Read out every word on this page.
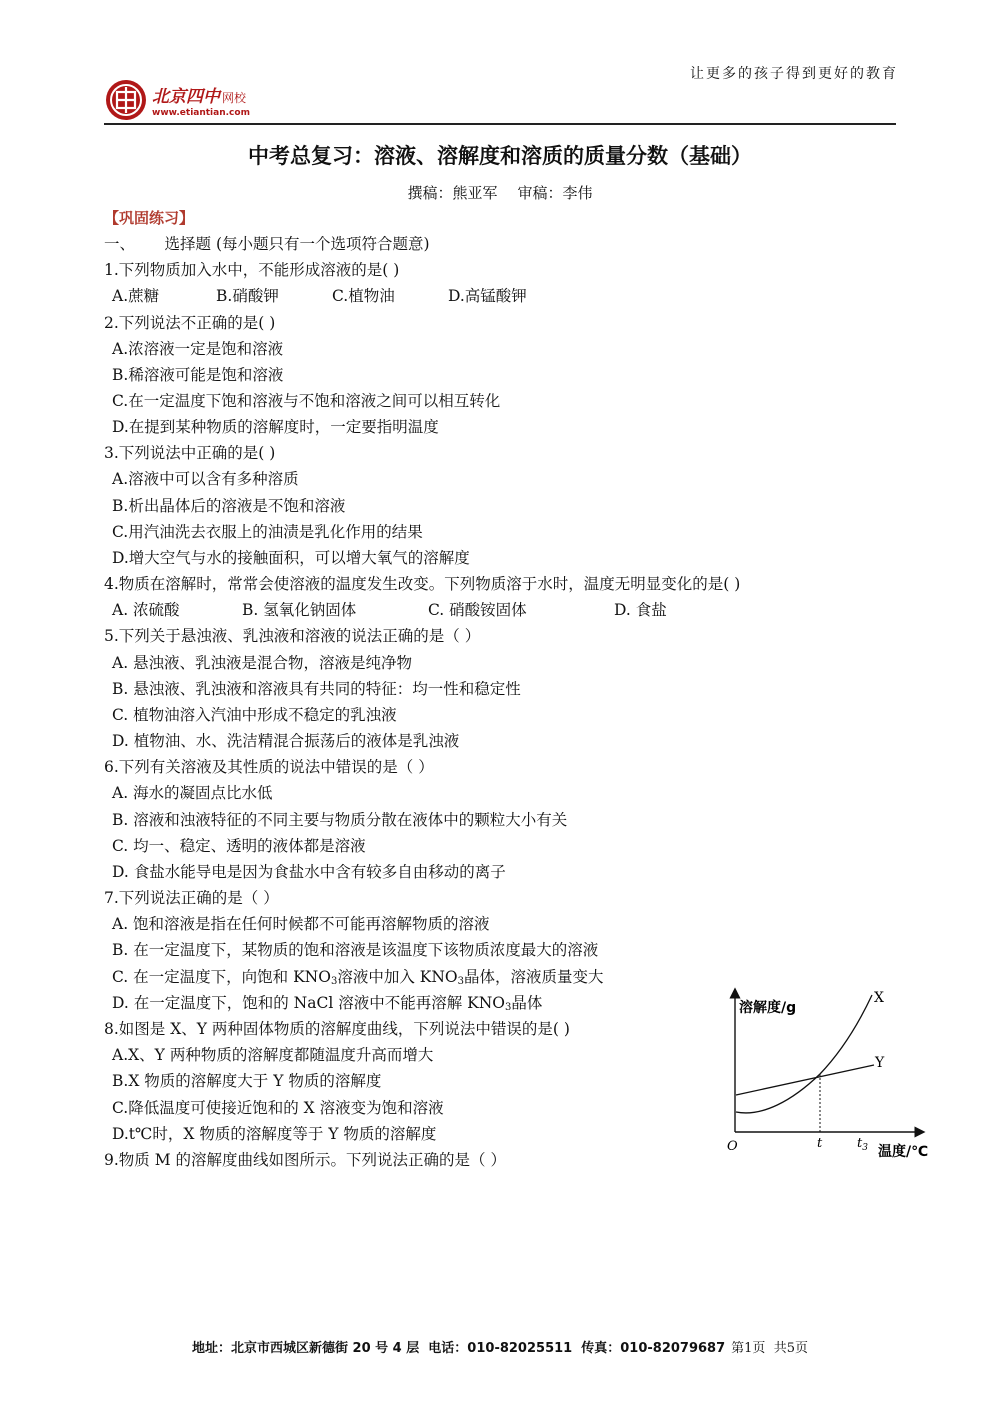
让更多的孩子得到更好的教育
北京四中 网校
www.etiantian.com
中考总复习：溶液、溶解度和溶质的质量分数（基础）
撰稿：熊亚军 审稿：李伟
【巩固练习】
一、      选择题 (每小题只有一个选项符合题意)
1.下列物质加入水中，不能形成溶液的是( )
A.蔗糖	B.硝酸钾	C.植物油	D.高锰酸钾
2.下列说法不正确的是( )
A.浓溶液一定是饱和溶液
B.稀溶液可能是饱和溶液
C.在一定温度下饱和溶液与不饱和溶液之间可以相互转化
D.在提到某种物质的溶解度时，一定要指明温度
3.下列说法中正确的是( )
A.溶液中可以含有多种溶质
B.析出晶体后的溶液是不饱和溶液
C.用汽油洗去衣服上的油渍是乳化作用的结果
D.增大空气与水的接触面积，可以增大氧气的溶解度
4.物质在溶解时，常常会使溶液的温度发生改变。下列物质溶于水时，温度无明显变化的是( )
A. 浓硫酸	B. 氢氧化钠固体	C. 硝酸铵固体	D. 食盐
5.下列关于悬浊液、乳浊液和溶液的说法正确的是（ ）
A. 悬浊液、乳浊液是混合物，溶液是纯净物
B. 悬浊液、乳浊液和溶液具有共同的特征：均一性和稳定性
C. 植物油溶入汽油中形成不稳定的乳浊液
D. 植物油、水、洗洁精混合振荡后的液体是乳浊液
6.下列有关溶液及其性质的说法中错误的是（ ）
A. 海水的凝固点比水低
B. 溶液和浊液特征的不同主要与物质分散在液体中的颗粒大小有关
C. 均一、稳定、透明的液体都是溶液
D. 食盐水能导电是因为食盐水中含有较多自由移动的离子
7.下列说法正确的是（ ）
A. 饱和溶液是指在任何时候都不可能再溶解物质的溶液
B. 在一定温度下，某物质的饱和溶液是该温度下该物质浓度最大的溶液
C. 在一定温度下，向饱和 $KNO_3$溶液中加入 $KNO_3$晶体，溶液质量变大
D. 在一定温度下，饱和的 NaCl 溶液中不能再溶解 $KNO_3$晶体
8.如图是 X、Y 两种固体物质的溶解度曲线，下列说法中错误的是( )
A.X、Y 两种物质的溶解度都随温度升高而增大
B.X 物质的溶解度大于 Y 物质的溶解度
C.降低温度可使接近饱和的 X 溶液变为饱和溶液
D.t℃时，X 物质的溶解度等于 Y 物质的溶解度
9.物质 M 的溶解度曲线如图所示。下列说法正确的是（ ）
溶解度/g
温度/℃
O	t	$t_3$
X
Y
地址：北京市西城区新德街 20 号 4 层  电话：010-82025511  传真：010-82079687 第1页  共5页
